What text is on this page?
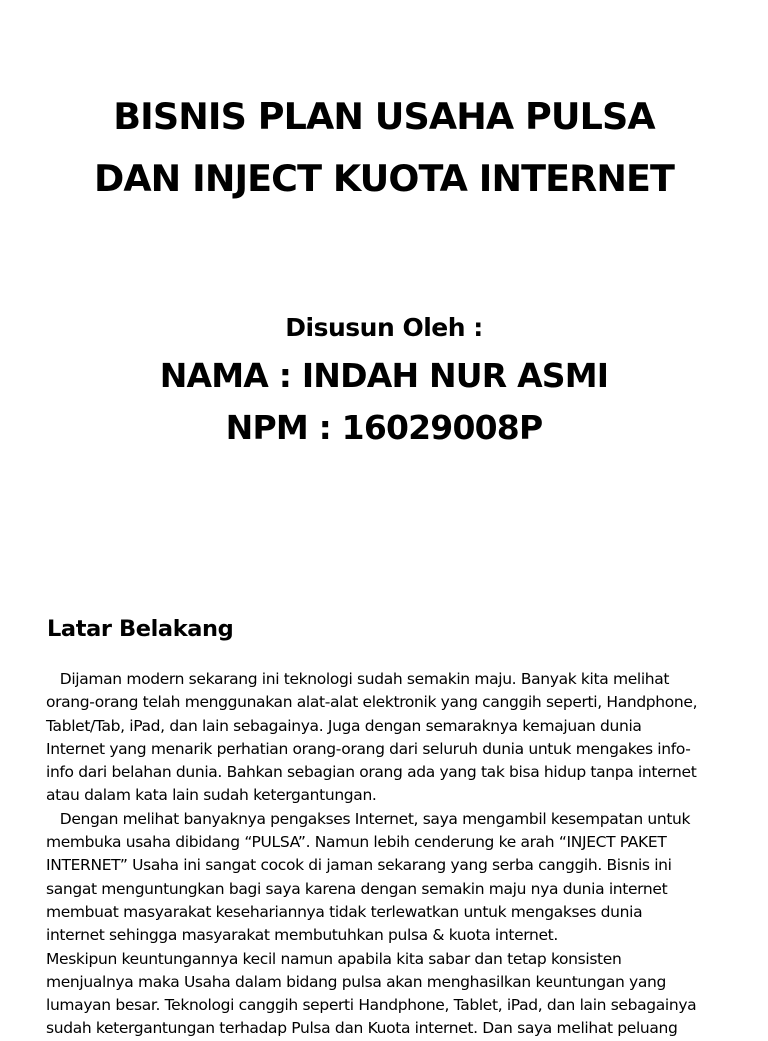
BISNIS PLAN USAHA PULSA
DAN INJECT KUOTA INTERNET
Disusun Oleh :
NAMA : INDAH NUR ASMI
NPM : 16029008P
Latar Belakang
Dijaman modern sekarang ini teknologi sudah semakin maju. Banyak kita melihat
orang-orang telah menggunakan alat-alat elektronik yang canggih seperti, Handphone,
Tablet/Tab, iPad, dan lain sebagainya. Juga dengan semaraknya kemajuan dunia
Internet yang menarik perhatian orang-orang dari seluruh dunia untuk mengakes info-
info dari belahan dunia. Bahkan sebagian orang ada yang tak bisa hidup tanpa internet
atau dalam kata lain sudah ketergantungan.
Dengan melihat banyaknya pengakses Internet, saya mengambil kesempatan untuk
membuka usaha dibidang “PULSA”. Namun lebih cenderung ke arah “INJECT PAKET
INTERNET” Usaha ini sangat cocok di jaman sekarang yang serba canggih. Bisnis ini
sangat menguntungkan bagi saya karena dengan semakin maju nya dunia internet
membuat masyarakat kesehariannya tidak terlewatkan untuk mengakses dunia
internet sehingga masyarakat membutuhkan pulsa & kuota internet.
Meskipun keuntungannya kecil namun apabila kita sabar dan tetap konsisten
menjualnya maka Usaha dalam bidang pulsa akan menghasilkan keuntungan yang
lumayan besar. Teknologi canggih seperti Handphone, Tablet, iPad, dan lain sebagainya
sudah ketergantungan terhadap Pulsa dan Kuota internet. Dan saya melihat peluang
